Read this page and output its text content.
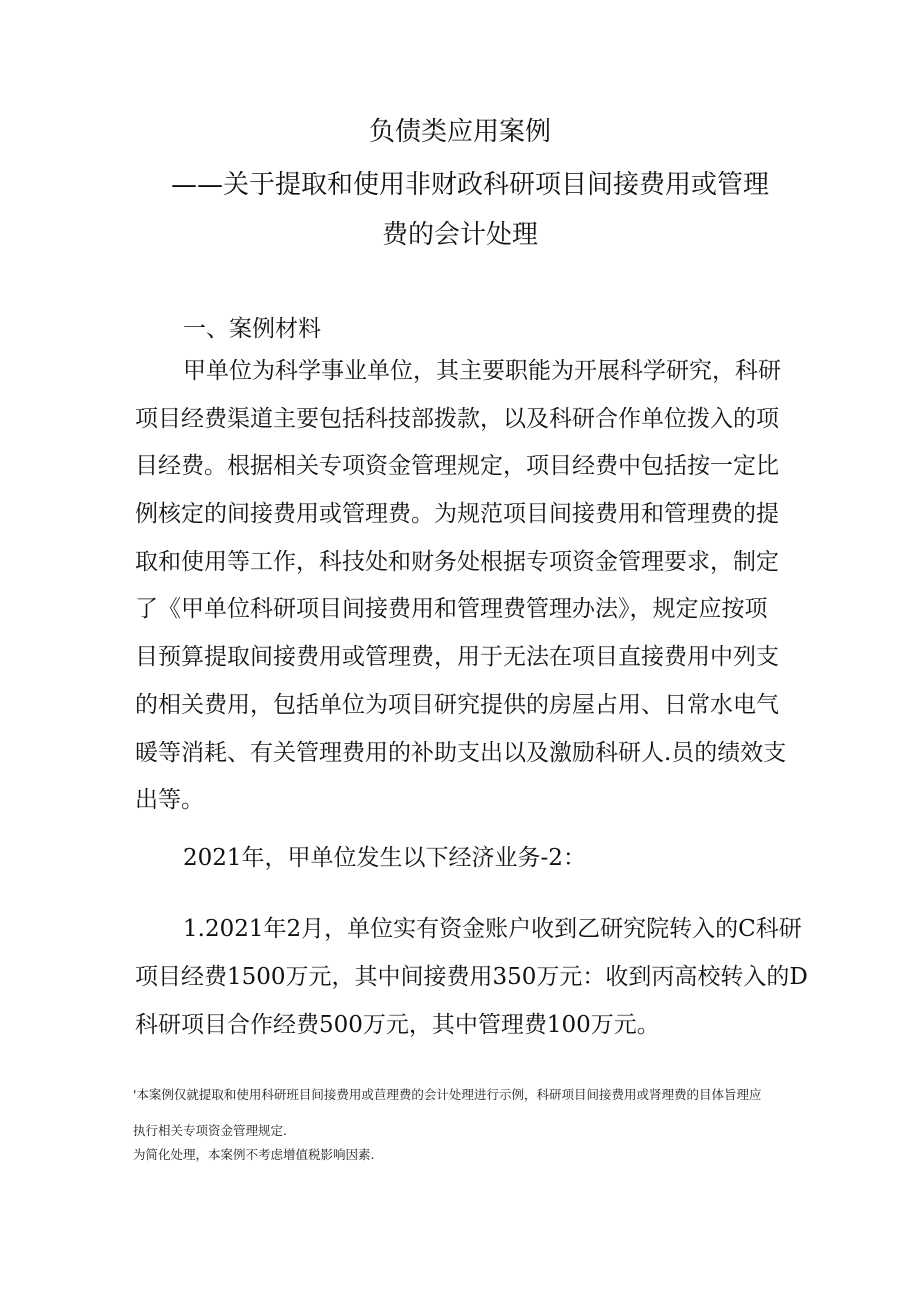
负债类应用案例
——关于提取和使用非财政科研项目间接费用或管理
费的会计处理
一、案例材料
甲单位为科学事业单位，其主要职能为开展科学研究，科研
项目经费渠道主要包括科技部拨款，以及科研合作单位拨入的项
目经费。根据相关专项资金管理规定，项目经费中包括按一定比
例核定的间接费用或管理费。为规范项目间接费用和管理费的提
取和使用等工作，科技处和财务处根据专项资金管理要求，制定
了《甲单位科研项目间接费用和管理费管理办法》，规定应按项
目预算提取间接费用或管理费，用于无法在项目直接费用中列支
的相关费用，包括单位为项目研究提供的房屋占用、日常水电气
暖等消耗、有关管理费用的补助支出以及激励科研人.员的绩效支
出等。
2021年，甲单位发生以下经济业务-2：
1.2021年2月，单位实有资金账户收到乙研究院转入的C科研
项目经费1500万元，其中间接费用350万元：收到丙高校转入的D
科研项目合作经费500万元，其中管理费100万元。
'本案例仅就提取和使用科研班目间接费用或苣理费的会计处理进行示例，科研项目间接费用或肾理费的目体旨理应
执行相关专项资金管理规定.
为简化处理，本案例不考虑增值税影响因素.
